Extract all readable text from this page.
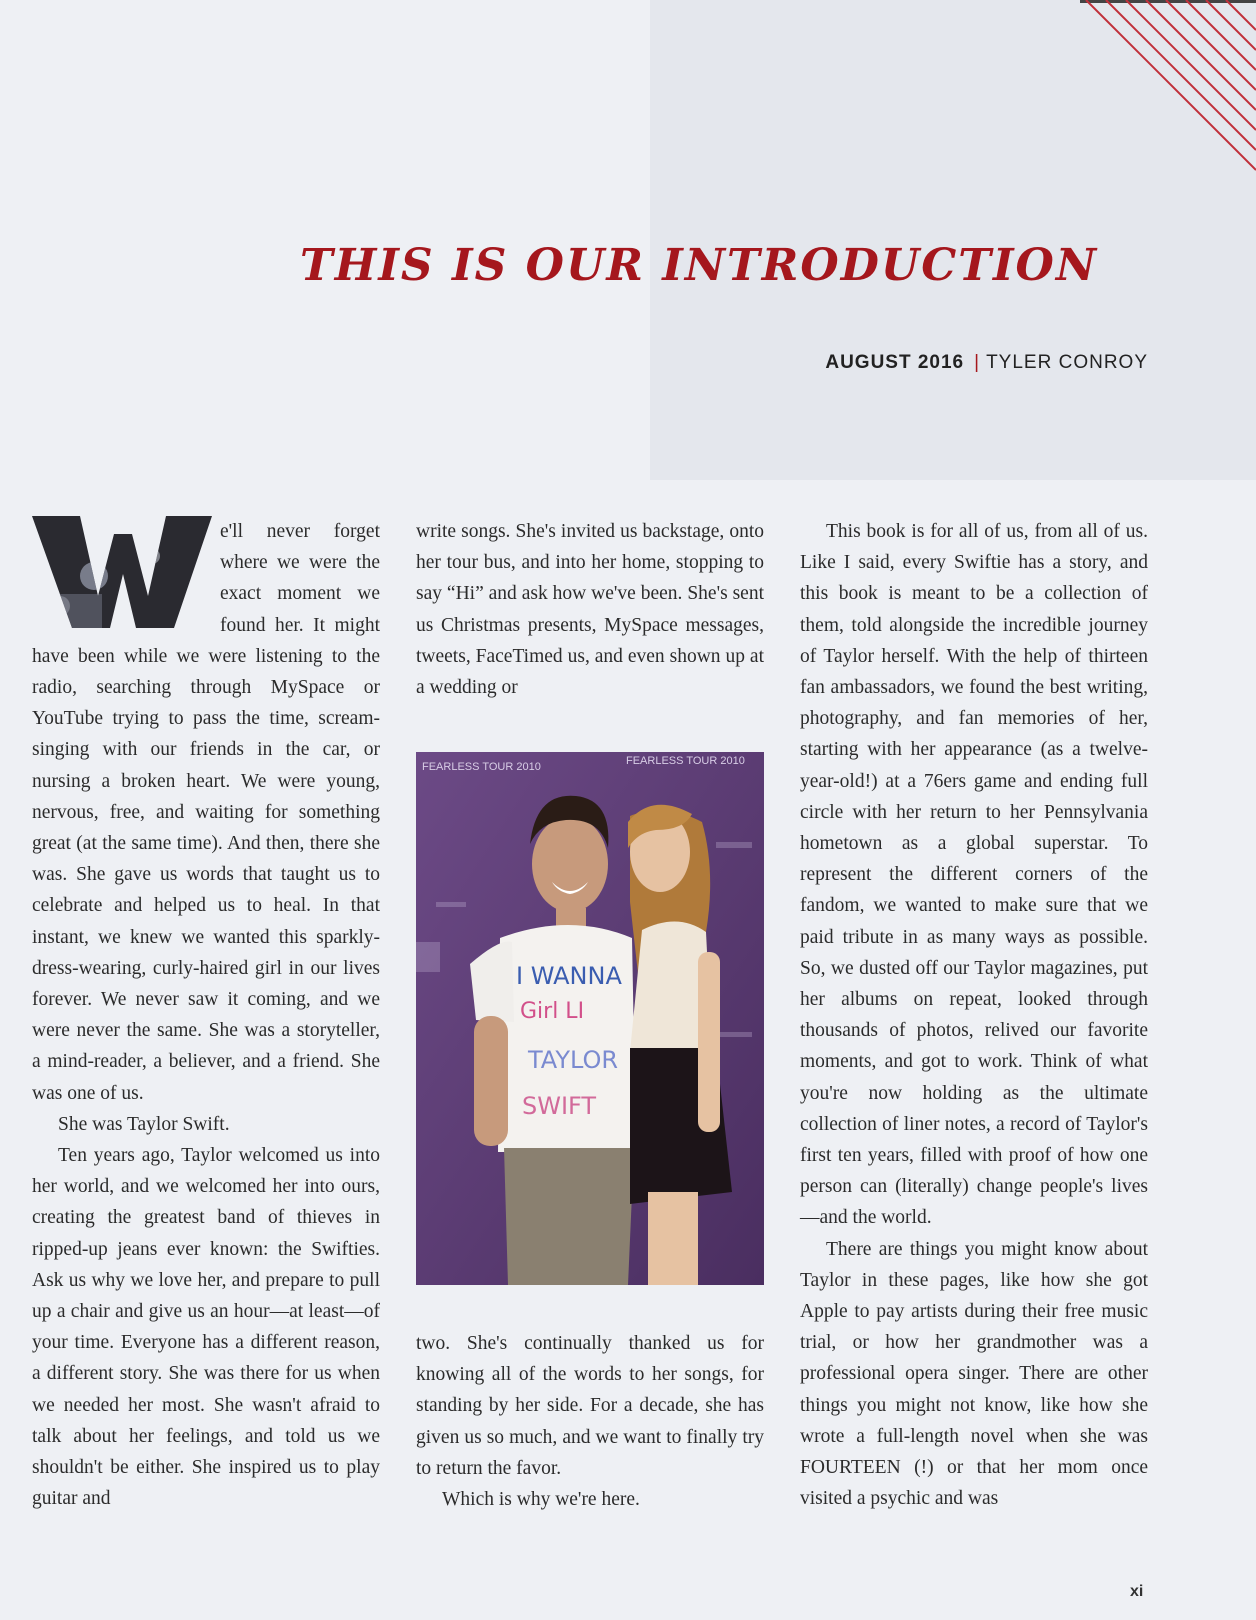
THIS IS OUR INTRODUCTION
AUGUST 2016 | TYLER CONROY

e'll never forget where we were the exact moment we found her. It might have been while we were listening to the radio, searching through MySpace or YouTube trying to pass the time, scream-singing with our friends in the car, or nursing a broken heart. We were young, nervous, free, and waiting for something great (at the same time). And then, there she was. She gave us words that taught us to celebrate and helped us to heal. In that instant, we knew we wanted this sparkly-dress-wearing, curly-haired girl in our lives forever. We never saw it coming, and we were never the same. She was a storyteller, a mind-reader, a believer, and a friend. She was one of us.

She was Taylor Swift.

Ten years ago, Taylor welcomed us into her world, and we welcomed her into ours, creating the greatest band of thieves in ripped-up jeans ever known: the Swifties. Ask us why we love her, and prepare to pull up a chair and give us an hour—at least—of your time. Everyone has a different reason, a different story. She was there for us when we needed her most. She wasn't afraid to talk about her feelings, and told us we shouldn't be either. She inspired us to play guitar and

write songs. She's invited us backstage, onto her tour bus, and into her home, stopping to say “Hi” and ask how we've been. She's sent us Christmas presents, MySpace messages, tweets, FaceTimed us, and even shown up at a wedding or

FEARLESS TOUR 2010	FEARLESS TOUR 2010
I WANNA
Girl LI
TAYLOR
SWIFT

two. She's continually thanked us for knowing all of the words to her songs, for standing by her side. For a decade, she has given us so much, and we want to finally try to return the favor.

Which is why we're here.

This book is for all of us, from all of us. Like I said, every Swiftie has a story, and this book is meant to be a collection of them, told alongside the incredible journey of Taylor herself. With the help of thirteen fan ambassadors, we found the best writing, photography, and fan memories of her, starting with her appearance (as a twelve-year-old!) at a 76ers game and ending full circle with her return to her Pennsylvania hometown as a global superstar. To represent the different corners of the fandom, we wanted to make sure that we paid tribute in as many ways as possible. So, we dusted off our Taylor magazines, put her albums on repeat, looked through thousands of photos, relived our favorite moments, and got to work. Think of what you're now holding as the ultimate collection of liner notes, a record of Taylor's first ten years, filled with proof of how one person can (literally) change people's lives—and the world.

There are things you might know about Taylor in these pages, like how she got Apple to pay artists during their free music trial, or how her grandmother was a professional opera singer. There are other things you might not know, like how she wrote a full-length novel when she was FOURTEEN (!) or that her mom once visited a psychic and was

xi
